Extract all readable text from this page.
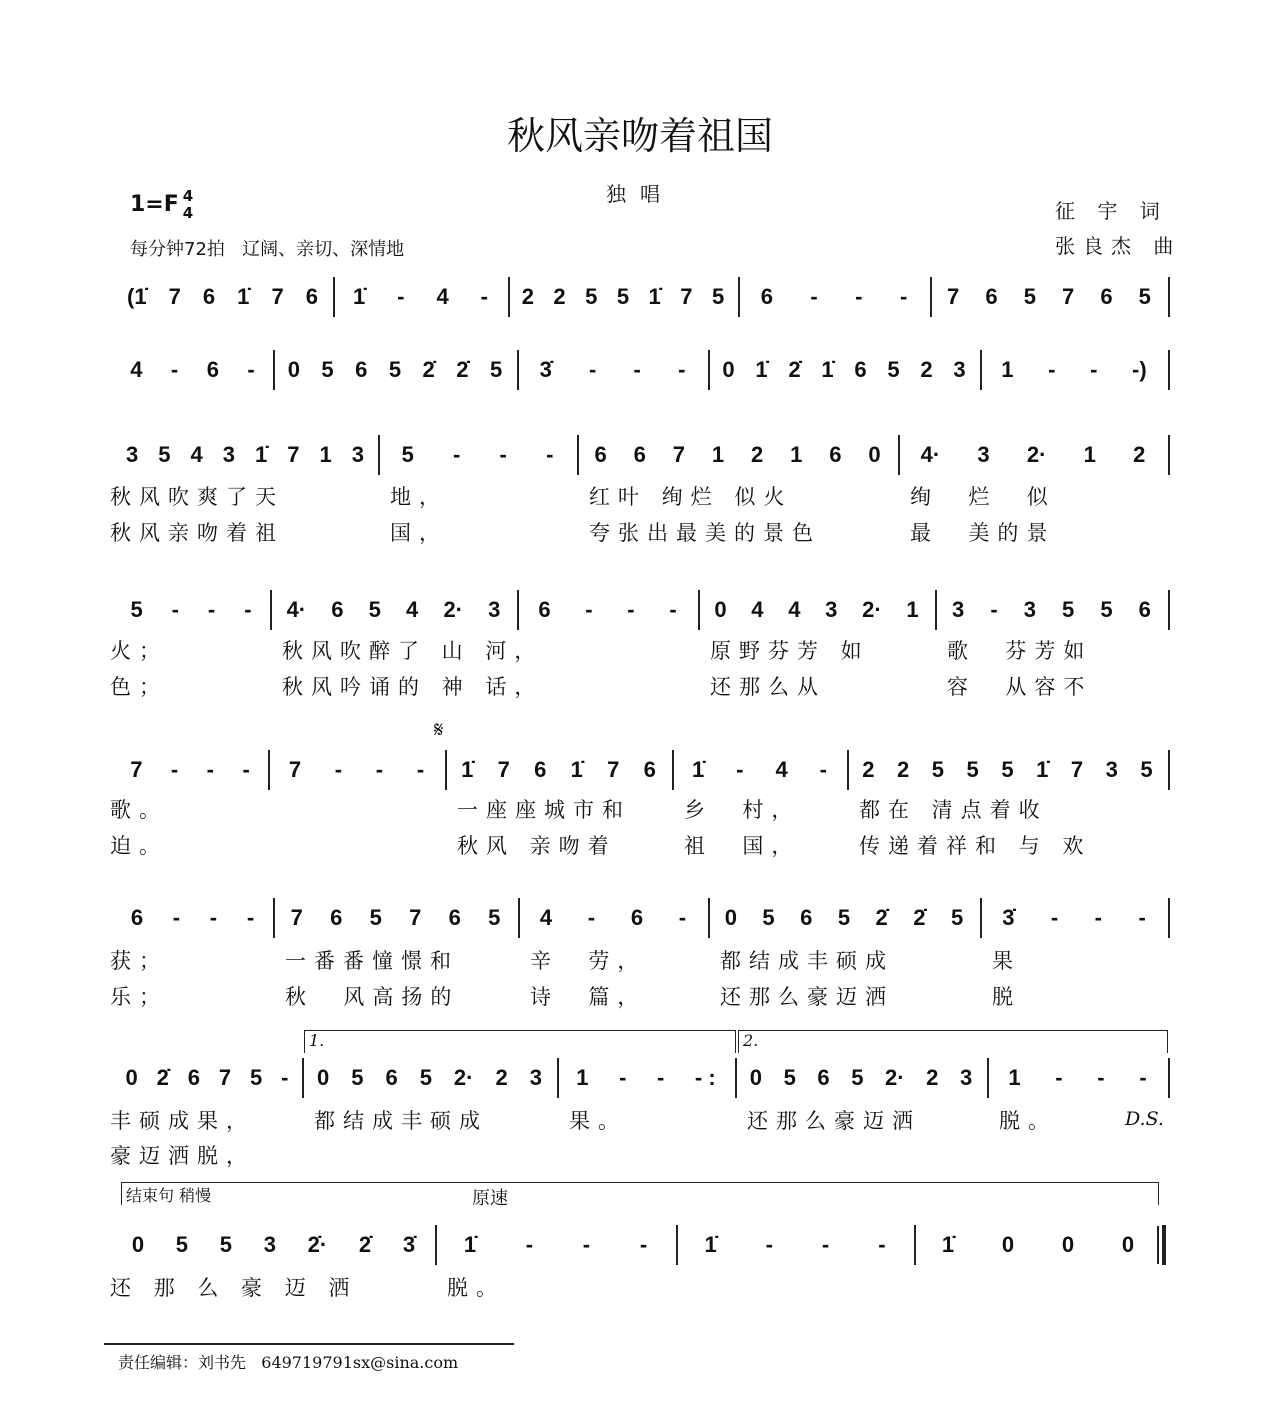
秋风亲吻着祖国
1=F 4
4
独唱
每分钟72拍   辽阔、亲切、深情地
征 宇 词
张良杰 曲
𝄋
D.S.
1.	2.
结束句 稍慢	原速
责任编辑：刘书先   649719791sx@sina.com
(1̇ 7 6 1̇ 7 6 1̇ - 4 - 2 2 5 5 1̇ 7 5 6 - - - 7 6 5 7 6 5
4 - 6 - 0 5 6 5 2̇ 2̇ 5 3̇ - - - 0 1̇ 2̇ 1̇ 6 5 2 3 1 - - -)
3 5 4 3 1̇ 7 1 3
秋风吹爽了天
秋风亲吻着祖
5 - - -
地，
国，
6 6 7 1 2 1 6 0
红叶 绚烂 似火
夸张出最美的景色
4· 3 2· 1 2
绚  烂  似
最  美的景
5 - - -
火；
色；
4· 6 5 4 2· 3
秋风吹醉了 山 河，
秋风吟诵的 神 话，
6 - - - 0 4 4 3 2· 1
原野芬芳 如
还那么从
3 - 3 5 5 6
歌  芬芳如
容  从容不
7 - - -
歌。
迫。
7 - - - 1̇ 7 6 1̇ 7 6
一座座城市和
秋风 亲吻着
1̇ - 4 -
乡  村，
祖  国，
2 2 5 5 5 1̇ 7 3 5
都在 清点着收
传递着祥和 与 欢
6 - - -
获；
乐；
7 6 5 7 6 5
一番番憧憬和
秋  风高扬的
4 - 6 -
辛  劳，
诗  篇，
0 5 6 5 2̇ 2̇ 5
都结成丰硕成
还那么豪迈洒
3̇ - - -
果
脱
0 2̇ 6 7 5 -
丰硕成果，
豪迈洒脱，
0 5 6 5 2· 2 3
都结成丰硕成
1 - - - :
果。
0 5 6 5 2· 2 3
还那么豪迈洒
1 - - -
脱。
0 5 5 3 2̇· 2̇ 3̇
还 那 么 豪 迈 洒
1̇ - - -
脱。
1̇ - - -	1̇ 0 0 0
